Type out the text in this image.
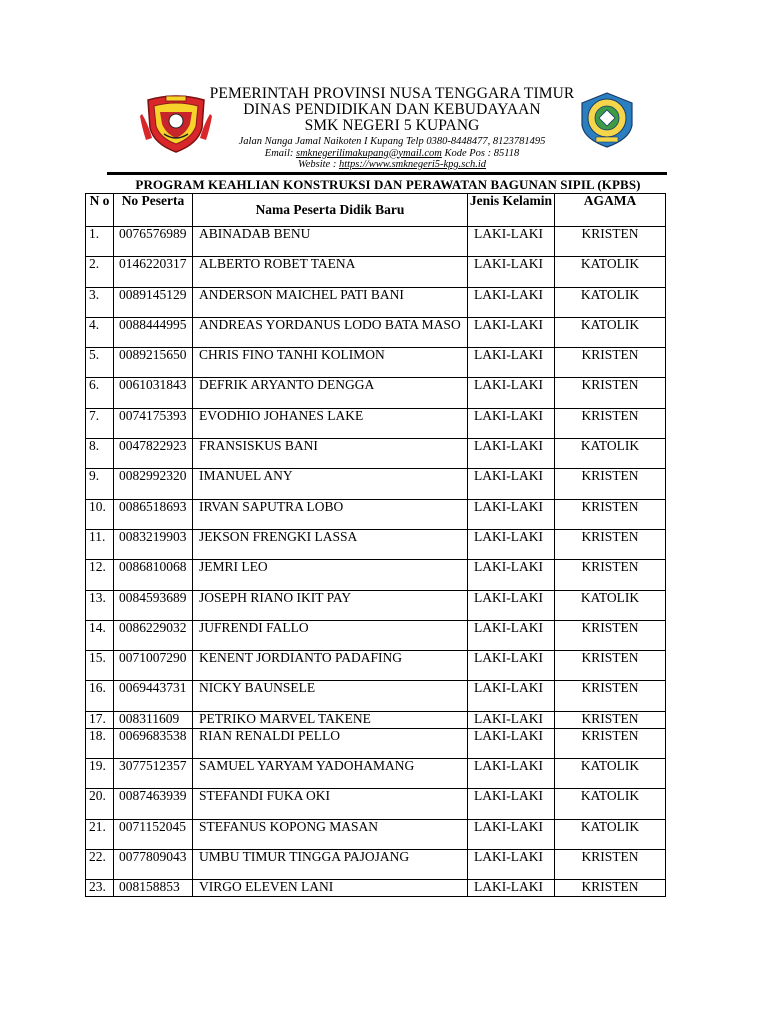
PEMERINTAH PROVINSI NUSA TENGGARA TIMUR
DINAS PENDIDIKAN DAN KEBUDAYAAN
SMK NEGERI 5 KUPANG
Jalan Nanga Jamal Naikoten I Kupang Telp 0380-8448477, 8123781495
Email: smknegerilimakupang@ymail.com Kode Pos : 85118
Website : https://www.smknegeri5-kpg.sch.id
PROGRAM KEAHLIAN KONSTRUKSI DAN PERAWATAN BAGUNAN SIPIL (KPBS)
N o	No Peserta	Nama Peserta Didik Baru	Jenis Kelamin	AGAMA
1.	0076576989	ABINADAB BENU	LAKI-LAKI	KRISTEN
2.	0146220317	ALBERTO ROBET TAENA	LAKI-LAKI	KATOLIK
3.	0089145129	ANDERSON MAICHEL PATI BANI	LAKI-LAKI	KATOLIK
4.	0088444995	ANDREAS YORDANUS LODO BATA MASO	LAKI-LAKI	KATOLIK
5.	0089215650	CHRIS FINO TANHI KOLIMON	LAKI-LAKI	KRISTEN
6.	0061031843	DEFRIK ARYANTO DENGGA	LAKI-LAKI	KRISTEN
7.	0074175393	EVODHIO JOHANES LAKE	LAKI-LAKI	KRISTEN
8.	0047822923	FRANSISKUS BANI	LAKI-LAKI	KATOLIK
9.	0082992320	IMANUEL ANY	LAKI-LAKI	KRISTEN
10.	0086518693	IRVAN SAPUTRA LOBO	LAKI-LAKI	KRISTEN
11.	0083219903	JEKSON FRENGKI LASSA	LAKI-LAKI	KRISTEN
12.	0086810068	JEMRI LEO	LAKI-LAKI	KRISTEN
13.	0084593689	JOSEPH RIANO IKIT PAY	LAKI-LAKI	KATOLIK
14.	0086229032	JUFRENDI FALLO	LAKI-LAKI	KRISTEN
15.	0071007290	KENENT JORDIANTO PADAFING	LAKI-LAKI	KRISTEN
16.	0069443731	NICKY BAUNSELE	LAKI-LAKI	KRISTEN
17.	008311609	PETRIKO MARVEL TAKENE	LAKI-LAKI	KRISTEN
18.	0069683538	RIAN RENALDI PELLO	LAKI-LAKI	KRISTEN
19.	3077512357	SAMUEL YARYAM YADOHAMANG	LAKI-LAKI	KATOLIK
20.	0087463939	STEFANDI FUKA OKI	LAKI-LAKI	KATOLIK
21.	0071152045	STEFANUS KOPONG MASAN	LAKI-LAKI	KATOLIK
22.	0077809043	UMBU TIMUR TINGGA PAJOJANG	LAKI-LAKI	KRISTEN
23.	008158853	VIRGO ELEVEN LANI	LAKI-LAKI	KRISTEN
